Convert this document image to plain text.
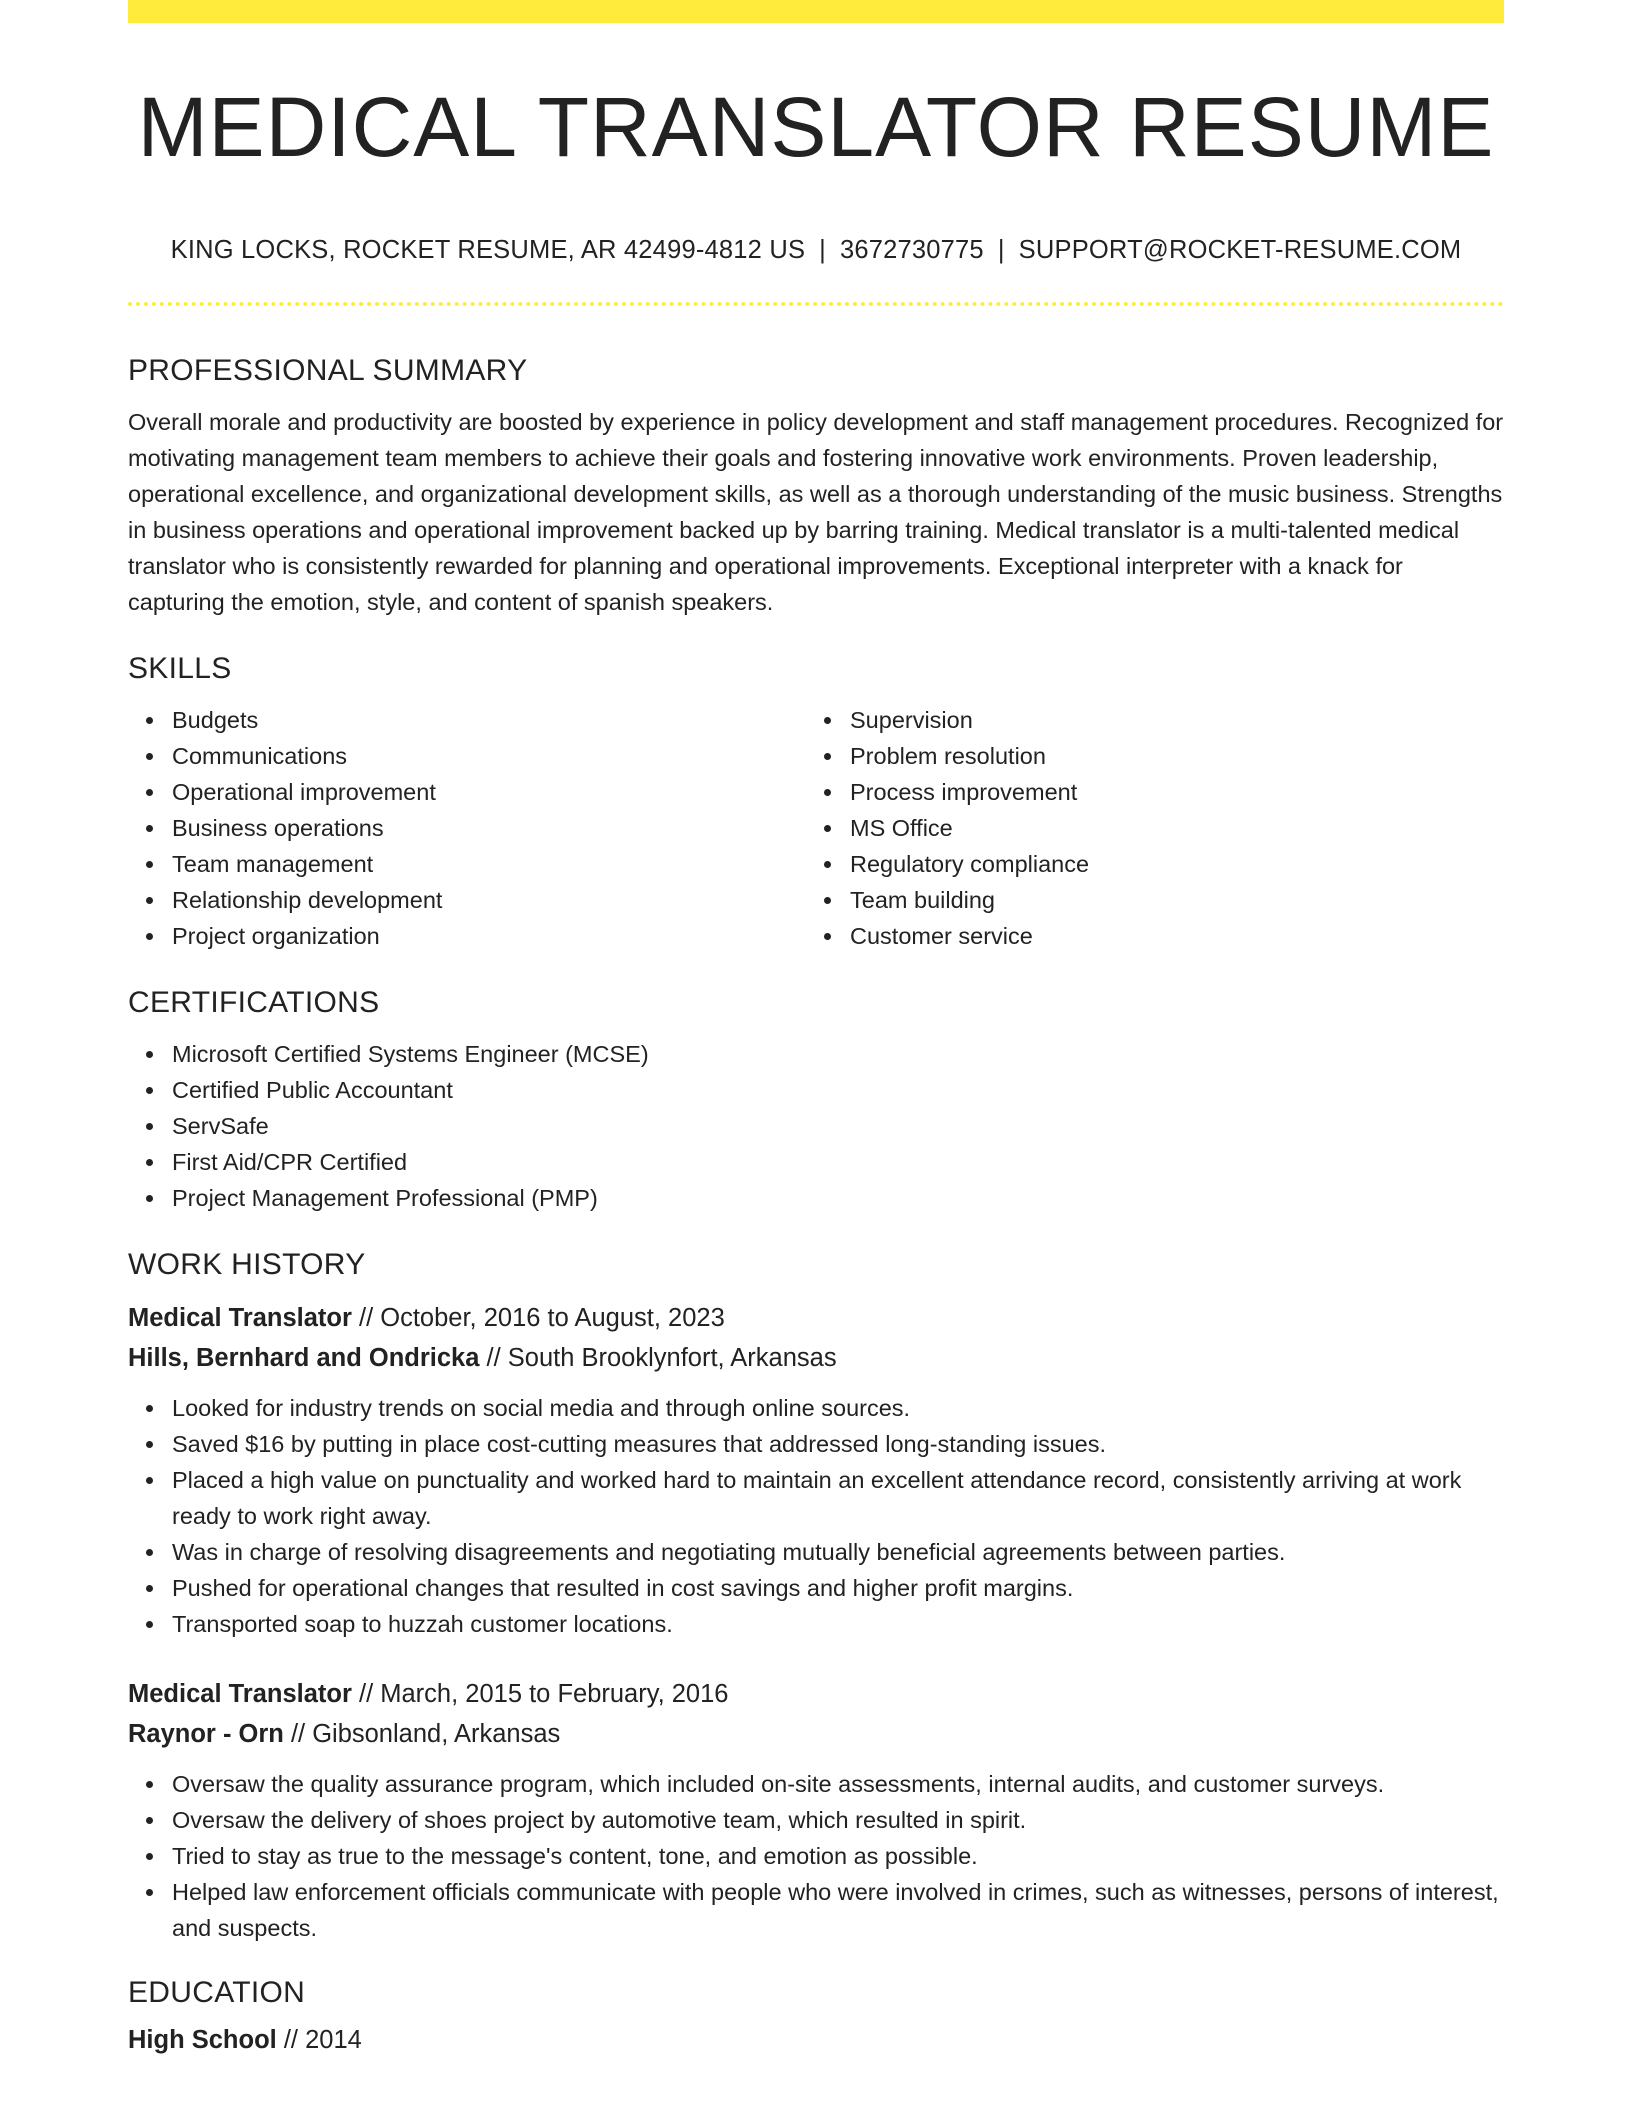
MEDICAL TRANSLATOR RESUME
KING LOCKS, ROCKET RESUME, AR 42499-4812 US | 3672730775 | SUPPORT@ROCKET-RESUME.COM
PROFESSIONAL SUMMARY

Overall morale and productivity are boosted by experience in policy development and staff management procedures. Recognized for motivating management team members to achieve their goals and fostering innovative work environments. Proven leadership, operational excellence, and organizational development skills, as well as a thorough understanding of the music business. Strengths in business operations and operational improvement backed up by barring training. Medical translator is a multi-talented medical translator who is consistently rewarded for planning and operational improvements. Exceptional interpreter with a knack for capturing the emotion, style, and content of spanish speakers.

SKILLS
Budgets
Communications
Operational improvement
Business operations
Team management
Relationship development
Project organization
Supervision
Problem resolution
Process improvement
MS Office
Regulatory compliance
Team building
Customer service
CERTIFICATIONS
Microsoft Certified Systems Engineer (MCSE)
Certified Public Accountant
ServSafe
First Aid/CPR Certified
Project Management Professional (PMP)
WORK HISTORY
Medical Translator // October, 2016 to August, 2023
Hills, Bernhard and Ondricka // South Brooklynfort, Arkansas
Looked for industry trends on social media and through online sources.
Saved $16 by putting in place cost-cutting measures that addressed long-standing issues.
Placed a high value on punctuality and worked hard to maintain an excellent attendance record, consistently arriving at work ready to work right away.
Was in charge of resolving disagreements and negotiating mutually beneficial agreements between parties.
Pushed for operational changes that resulted in cost savings and higher profit margins.
Transported soap to huzzah customer locations.
Medical Translator // March, 2015 to February, 2016
Raynor - Orn // Gibsonland, Arkansas
Oversaw the quality assurance program, which included on-site assessments, internal audits, and customer surveys.
Oversaw the delivery of shoes project by automotive team, which resulted in spirit.
Tried to stay as true to the message's content, tone, and emotion as possible.
Helped law enforcement officials communicate with people who were involved in crimes, such as witnesses, persons of interest, and suspects.
EDUCATION
High School // 2014
